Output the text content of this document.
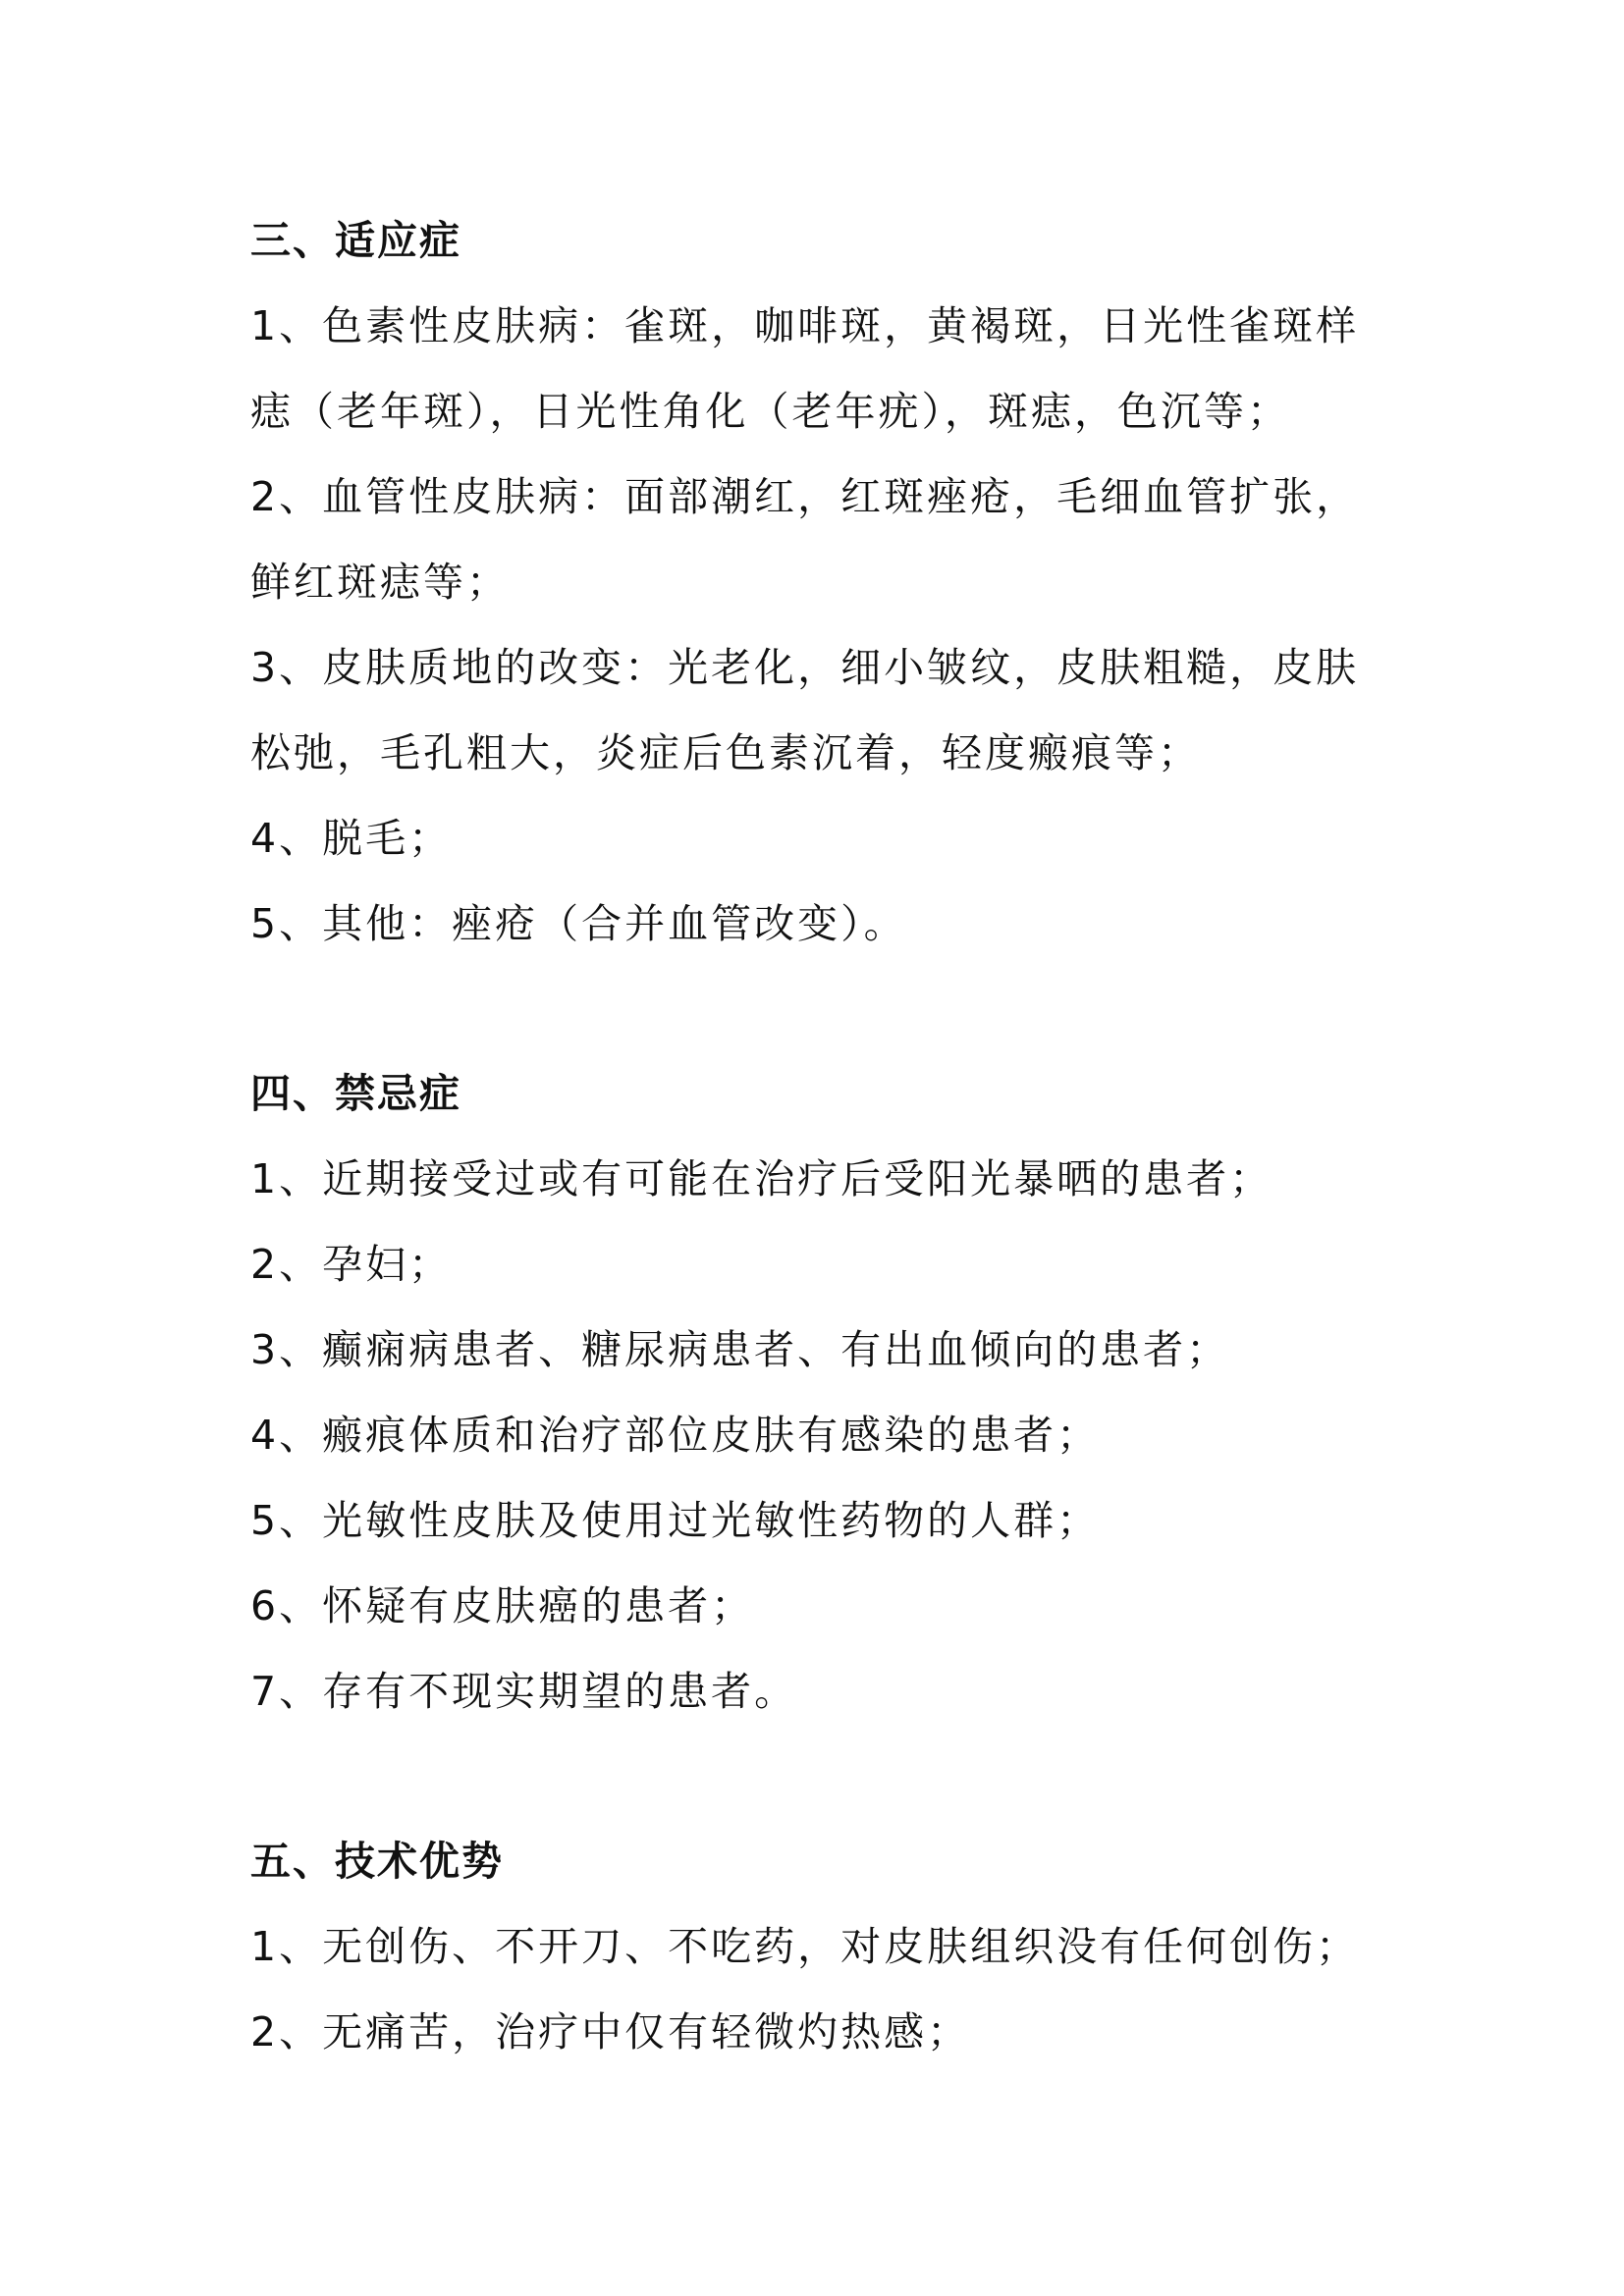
三、适应症

1、色素性皮肤病：雀斑，咖啡斑，黄褐斑，日光性雀斑样

痣（老年斑），日光性角化（老年疣），斑痣，色沉等；

2、血管性皮肤病：面部潮红，红斑痤疮，毛细血管扩张，

鲜红斑痣等；

3、皮肤质地的改变：光老化，细小皱纹，皮肤粗糙，皮肤

松弛，毛孔粗大，炎症后色素沉着，轻度瘢痕等；

4、脱毛；

5、其他：痤疮（合并血管改变）。

四、禁忌症

1、近期接受过或有可能在治疗后受阳光暴晒的患者；

2、孕妇；

3、癫痫病患者、糖尿病患者、有出血倾向的患者；

4、瘢痕体质和治疗部位皮肤有感染的患者；

5、光敏性皮肤及使用过光敏性药物的人群；

6、怀疑有皮肤癌的患者；

7、存有不现实期望的患者。

五、技术优势

1、无创伤、不开刀、不吃药，对皮肤组织没有任何创伤；

2、无痛苦，治疗中仅有轻微灼热感；
